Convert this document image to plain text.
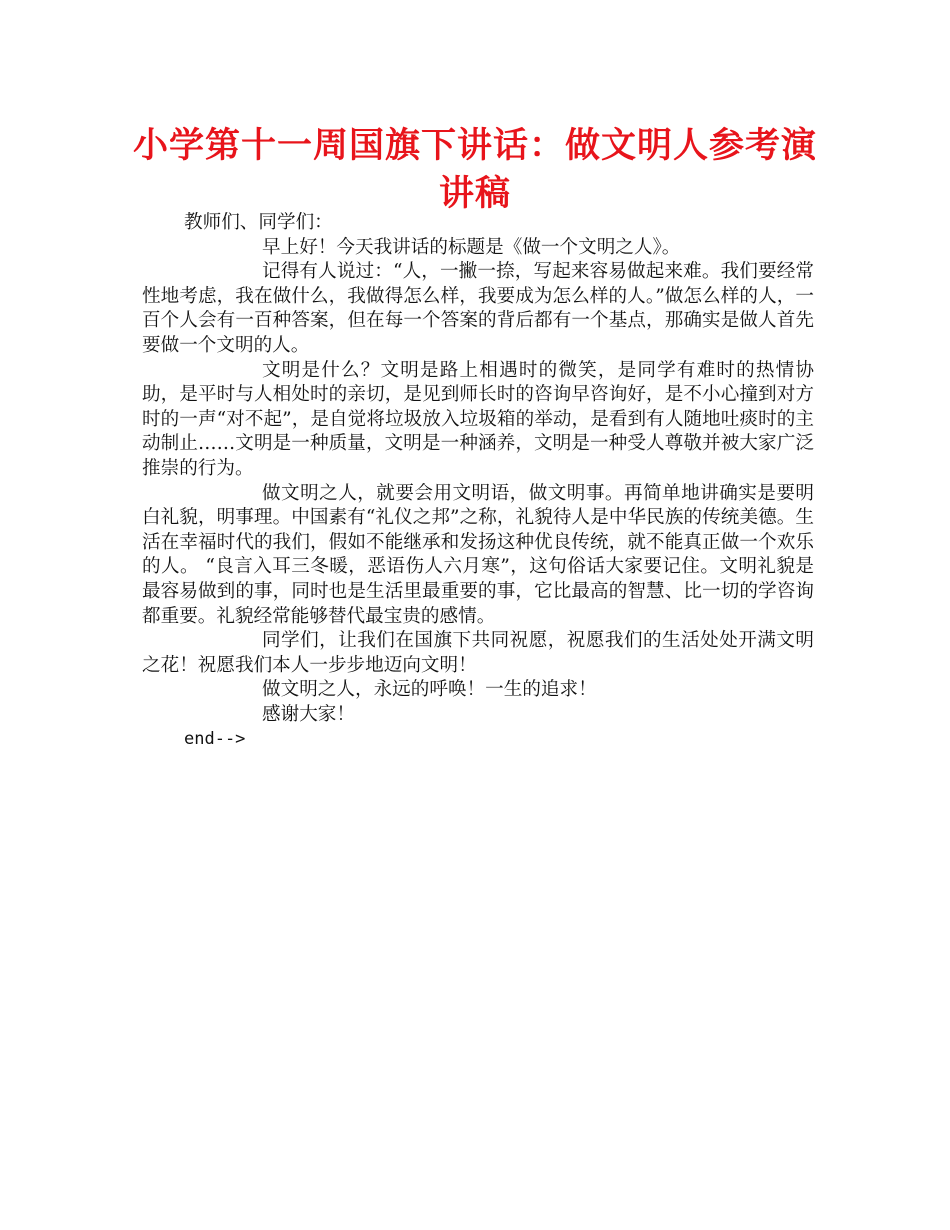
小学第十一周国旗下讲话：做文明人参考演讲稿

教师们、同学们：

早上好！今天我讲话的标题是《做一个文明之人》。

记得有人说过：“人，一撇一捺，写起来容易做起来难。我们要经常性地考虑，我在做什么，我做得怎么样，我要成为怎么样的人。”做怎么样的人，一百个人会有一百种答案，但在每一个答案的背后都有一个基点，那确实是做人首先要做一个文明的人。

文明是什么？文明是路上相遇时的微笑，是同学有难时的热情协助，是平时与人相处时的亲切，是见到师长时的咨询早咨询好，是不小心撞到对方时的一声“对不起”，是自觉将垃圾放入垃圾箱的举动，是看到有人随地吐痰时的主动制止……文明是一种质量，文明是一种涵养，文明是一种受人尊敬并被大家广泛推崇的行为。

做文明之人，就要会用文明语，做文明事。再简单地讲确实是要明白礼貌，明事理。中国素有“礼仪之邦”之称，礼貌待人是中华民族的传统美德。生活在幸福时代的我们，假如不能继承和发扬这种优良传统，就不能真正做一个欢乐的人。 “良言入耳三冬暖，恶语伤人六月寒”，这句俗话大家要记住。文明礼貌是最容易做到的事，同时也是生活里最重要的事，它比最高的智慧、比一切的学咨询都重要。礼貌经常能够替代最宝贵的感情。

同学们，让我们在国旗下共同祝愿，祝愿我们的生活处处开满文明之花！祝愿我们本人一步步地迈向文明！

做文明之人，永远的呼唤！一生的追求！

感谢大家！

end-->
